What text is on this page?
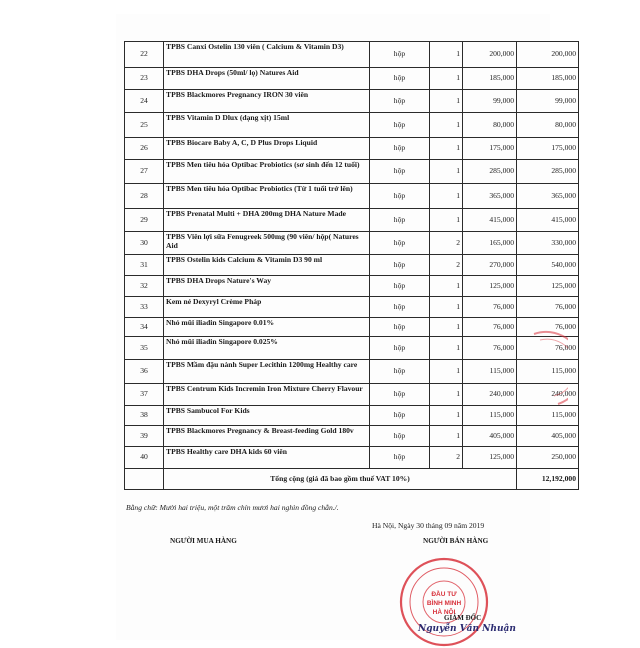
22	TPBS Canxi Ostelin 130 viên ( Calcium & Vitamin D3)	hộp	1	200,000	200,000
23	TPBS DHA Drops (50ml/ lọ) Natures Aid	hộp	1	185,000	185,000
24	TPBS Blackmores Pregnancy IRON 30 viên	hộp	1	99,000	99,000
25	TPBS Vitamin D Dlux (dạng xịt) 15ml	hộp	1	80,000	80,000
26	TPBS Biocare Baby A, C, D Plus Drops Liquid	hộp	1	175,000	175,000
27	TPBS Men tiêu hóa Optibac Probiotics (sơ sinh đến 12 tuổi)	hộp	1	285,000	285,000
28	TPBS Men tiêu hóa Optibac Probiotics (Từ 1 tuổi trở lên)	hộp	1	365,000	365,000
29	TPBS Prenatal Multi + DHA 200mg DHA Nature Made	hộp	1	415,000	415,000
30	TPBS Viên lợi sữa Fenugreek 500mg (90 viên/ hộp( Natures Aid	hộp	2	165,000	330,000
31	TPBS Ostelin kids Calcium & Vitamin D3 90 ml	hộp	2	270,000	540,000
32	TPBS DHA Drops Nature's Way	hộp	1	125,000	125,000
33	Kem nẻ Dexyryl Crème Pháp	hộp	1	76,000	76,000
34	Nhỏ mũi iliadin Singapore 0.01%	hộp	1	76,000	76,000
35	Nhỏ mũi iliadin Singapore 0.025%	hộp	1	76,000	76,000
36	TPBS Mầm đậu nành Super Lecithin 1200mg Healthy care	hộp	1	115,000	115,000
37	TPBS Centrum Kids Incremin Iron Mixture Cherry Flavour	hộp	1	240,000	240,000
38	TPBS Sambucol For Kids	hộp	1	115,000	115,000
39	TPBS Blackmores Pregnancy & Breast-feeding Gold 180v	hộp	1	405,000	405,000
40	TPBS Healthy care DHA kids 60 viên	hộp	2	125,000	250,000
	Tổng cộng (giá đã bao gồm thuế VAT 10%)				12,192,000
Bằng chữ: Mười hai triệu, một trăm chín mươi hai nghìn đồng chẵn./.
Hà Nội, Ngày 30 tháng 09 năm 2019
NGƯỜI MUA HÀNG	NGƯỜI BÁN HÀNG
ĐẦU TƯ
BÌNH MINH
HÀ NỘI
GIÁM ĐỐC
Nguyễn Văn Nhuận
